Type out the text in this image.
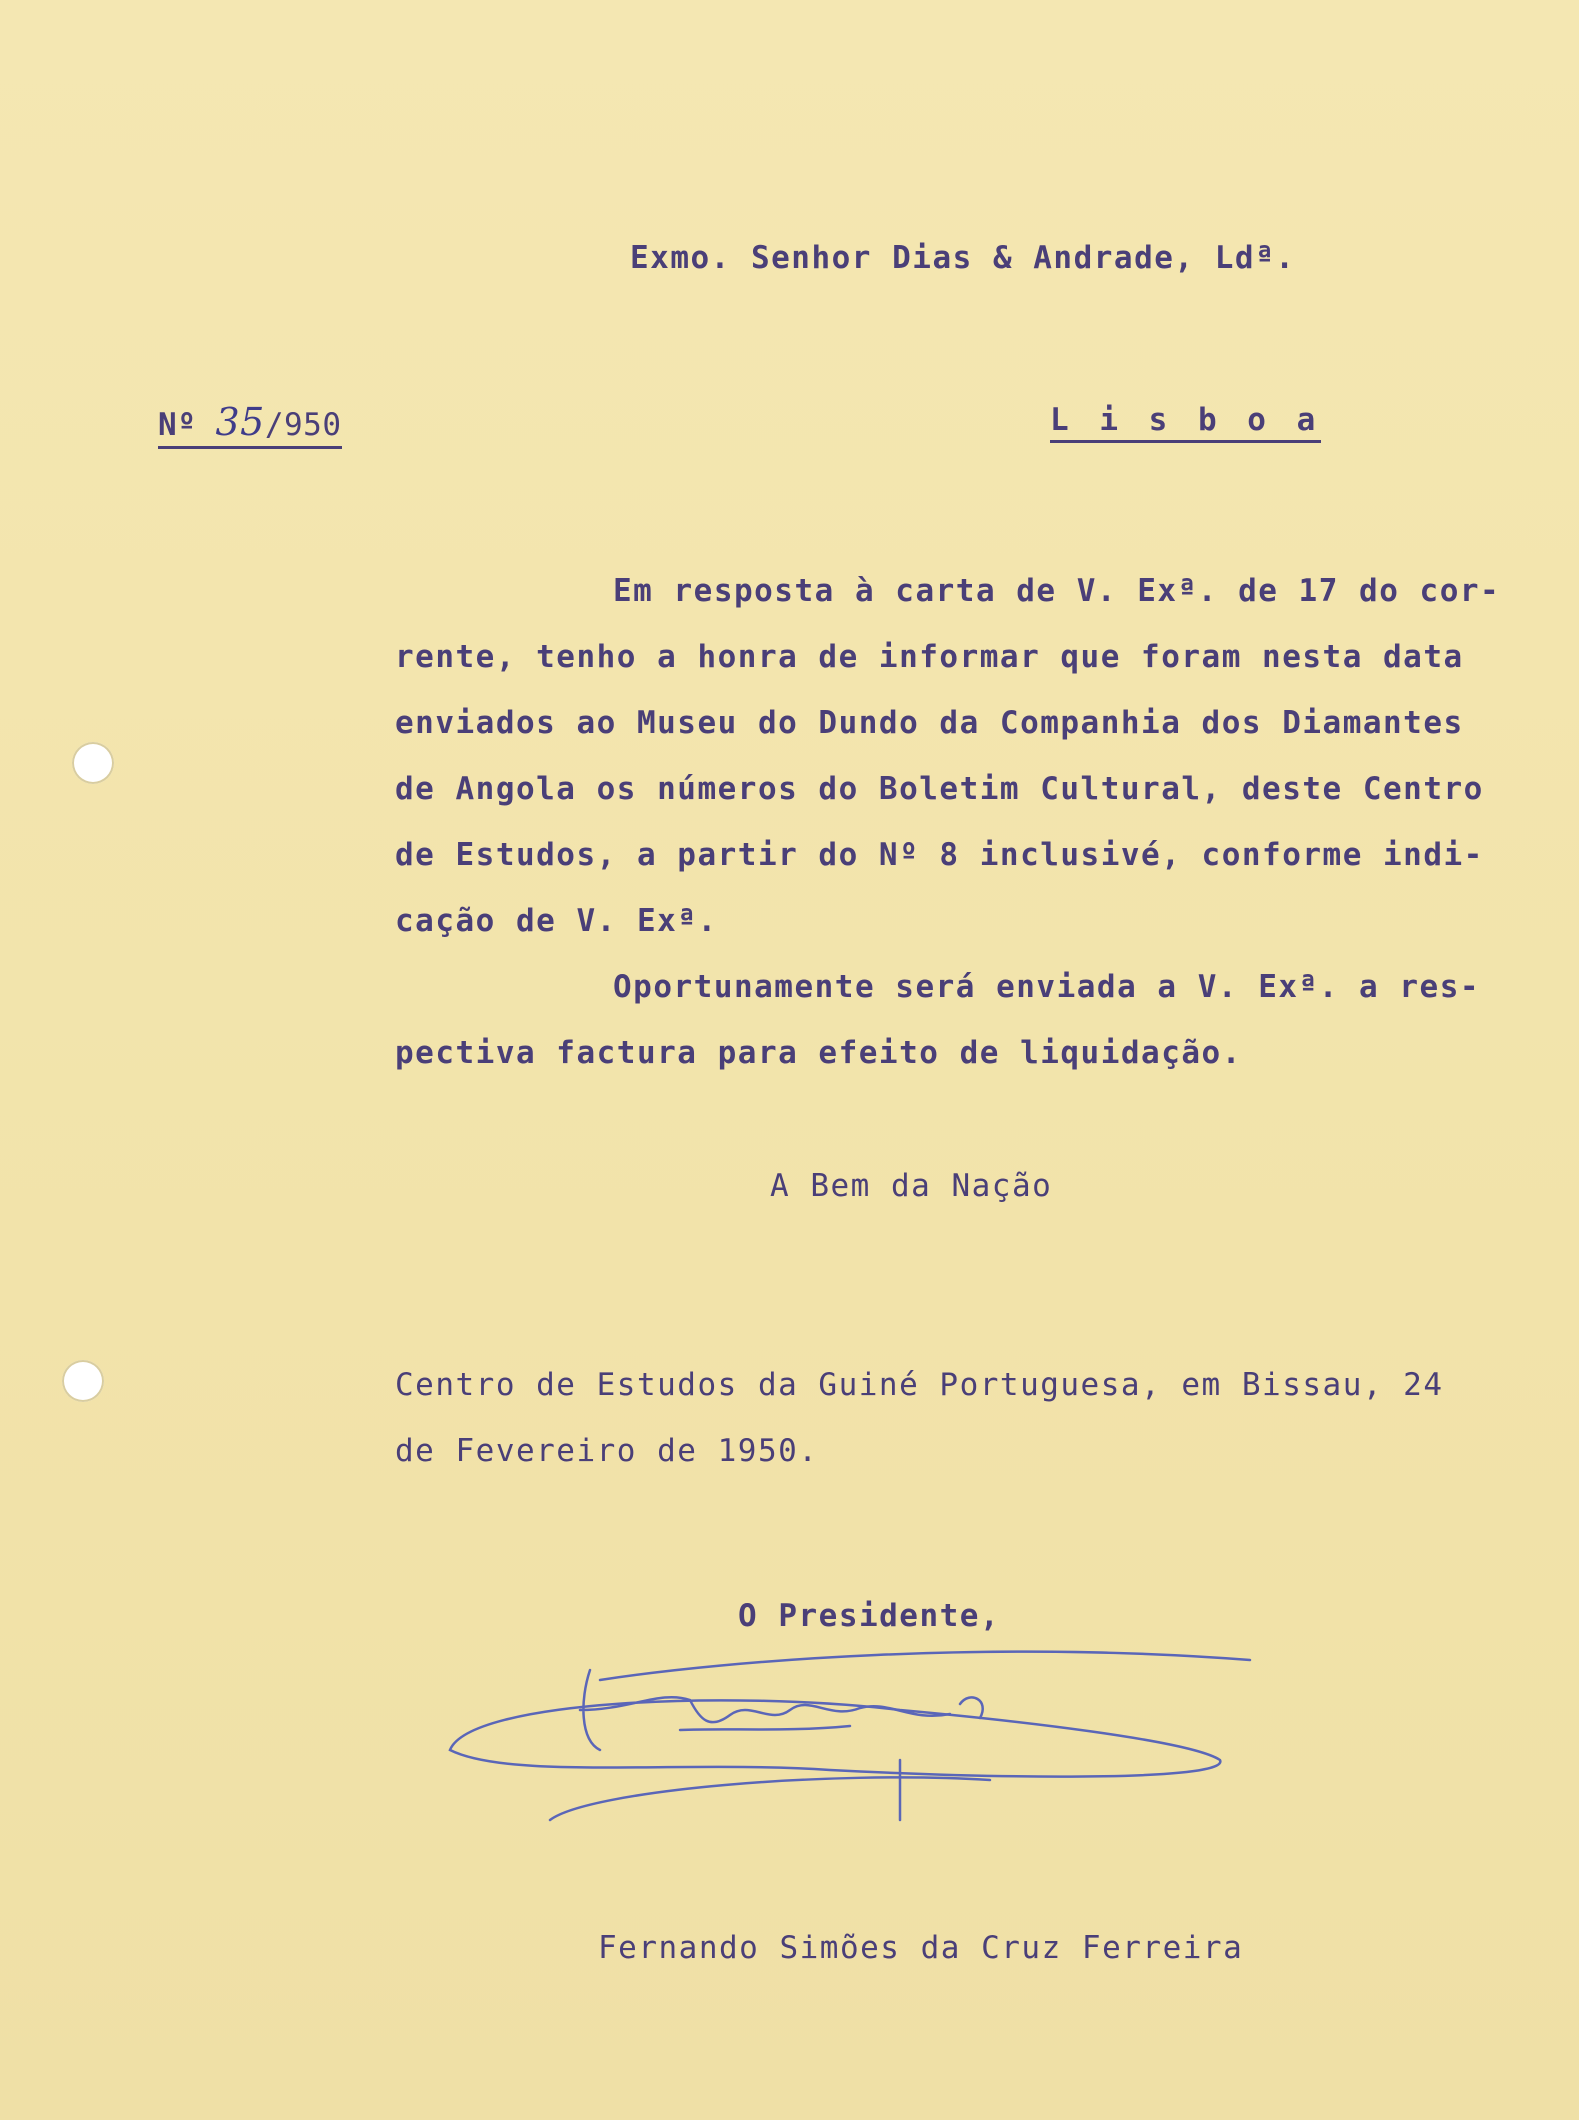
Exmo. Senhor Dias & Andrade, Ldª.
Nº 35/950	L i s b o a
Em resposta à carta de V. Exª. de 17 do cor-
rente, tenho a honra de informar que foram nesta data
enviados ao Museu do Dundo da Companhia dos Diamantes
de Angola os números do Boletim Cultural, deste Centro
de Estudos, a partir do Nº 8 inclusivé, conforme indi-
cação de V. Exª.
Oportunamente será enviada a V. Exª. a res-
pectiva factura para efeito de liquidação.
A Bem da Nação
Centro de Estudos da Guiné Portuguesa, em Bissau, 24
de Fevereiro de 1950.
O Presidente,
Fernando Simões da Cruz Ferreira
